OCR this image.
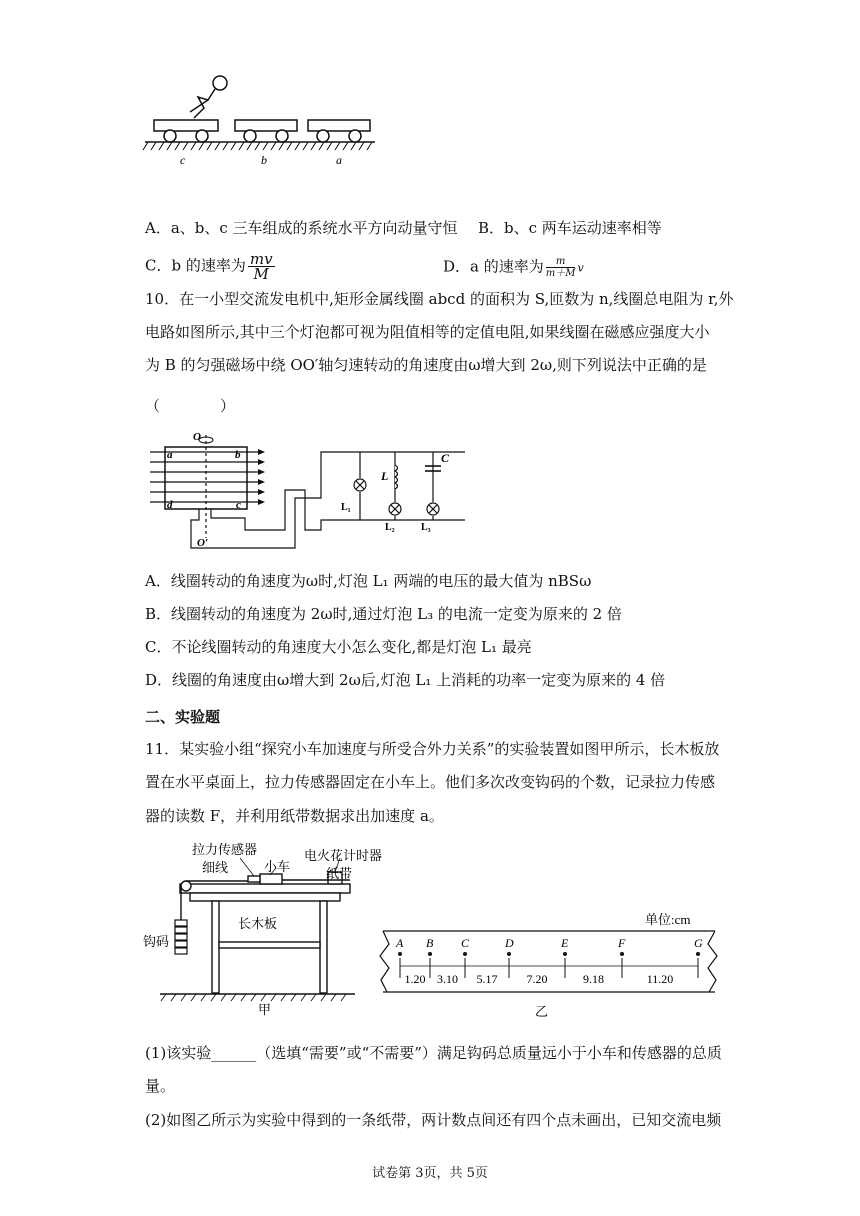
c	b	a
A．a、b、c 三车组成的系统水平方向动量守恒 B．b、c 两车运动速率相等
C．b 的速率为 $\frac{mv}{M}$	D．a 的速率为 $\frac{m}{m+M}$ v
10．在一小型交流发电机中,矩形金属线圈 abcd 的面积为 S,匝数为 n,线圈总电阻为 r,外
电路如图所示,其中三个灯泡都可视为阻值相等的定值电阻,如果线圈在磁感应强度大小
为 B 的匀强磁场中绕 OO′轴匀速转动的角速度由ω增大到 2ω,则下列说法中正确的是
（　　　　）
O
O′
a	b
d	c
L
C
L₁
L₂	L₃
A．线圈转动的角速度为ω时,灯泡 L₁ 两端的电压的最大值为 nBSω
B．线圈转动的角速度为 2ω时,通过灯泡 L₃ 的电流一定变为原来的 2 倍
C．不论线圈转动的角速度大小怎么变化,都是灯泡 L₁ 最亮
D．线圈的角速度由ω增大到 2ω后,灯泡 L₁ 上消耗的功率一定变为原来的 4 倍
二、实验题
11．某实验小组“探究小车加速度与所受合外力关系”的实验装置如图甲所示，长木板放
置在水平桌面上，拉力传感器固定在小车上。他们多次改变钩码的个数，记录拉力传感
器的读数 F，并利用纸带数据求出加速度 a。
拉力传感器	电火花计时器
细线	小车	纸带
长木板
钩码
甲
单位:cm
A B C	D	E	F	G
1.20 3.10 5.17 7.20	9.18	11.20
乙
(1)该实验______（选填“需要”或“不需要”）满足钩码总质量远小于小车和传感器的总质
量。
(2)如图乙所示为实验中得到的一条纸带，两计数点间还有四个点未画出，已知交流电频
试卷第 3页，共 5页
